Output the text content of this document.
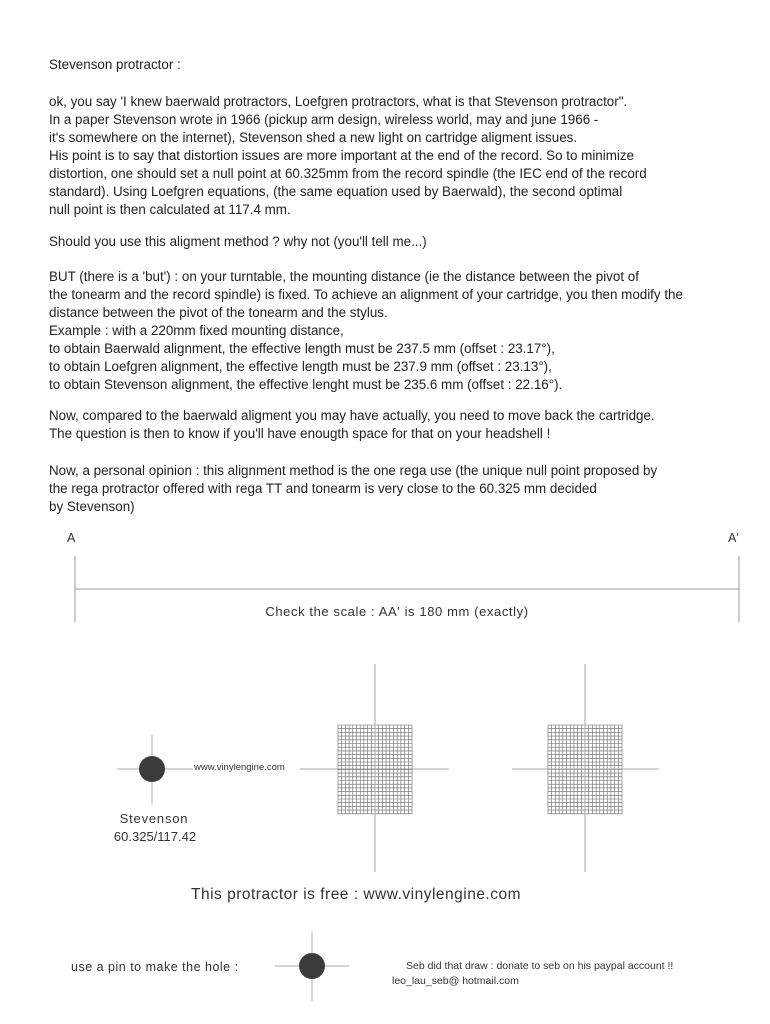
Stevenson protractor :

ok, you say 'I knew baerwald protractors, Loefgren protractors, what is that Stevenson protractor".

In a paper Stevenson wrote in 1966 (pickup arm design, wireless world, may and june 1966 -

it's somewhere on the internet), Stevenson shed a new light on cartridge aligment issues.

His point is to say that distortion issues are more important at the end of the record. So to minimize

distortion, one should set a null point at 60.325mm from the record spindle (the IEC end of the record

standard). Using Loefgren equations, (the same equation used by Baerwald), the second optimal

null point is then calculated at 117.4 mm.

Should you use this aligment method ? why not (you'll tell me...)

BUT (there is a 'but') : on your turntable, the mounting distance (ie the distance between the pivot of

the tonearm and the record spindle) is fixed. To achieve an alignment of your cartridge, you then modify the

distance between the pivot of the tonearm and the stylus.

Example : with a 220mm fixed mounting distance,

to obtain Baerwald alignment, the effective length must be 237.5 mm (offset : 23.17°),

to obtain Loefgren alignment, the effective length must be 237.9 mm (offset : 23.13°),

to obtain Stevenson alignment, the effective lenght must be 235.6 mm (offset : 22.16°).

Now, compared to the baerwald aligment you may have actually, you need to move back the cartridge.

The question is then to know if you'll have enougth space for that on your headshell !

Now, a personal opinion : this alignment method is the one rega use (the unique null point proposed by

the rega protractor offered with rega TT and tonearm is very close to the 60.325 mm decided

by Stevenson)

A	A'
Check the scale : AA' is 180 mm (exactly)
www.vinylengine.com
Stevenson
60.325/117.42
This protractor is free : www.vinylengine.com
use a pin to make the hole :	Seb did that draw : donate to seb on his paypal account !!
leo_lau_seb@ hotmail.com
